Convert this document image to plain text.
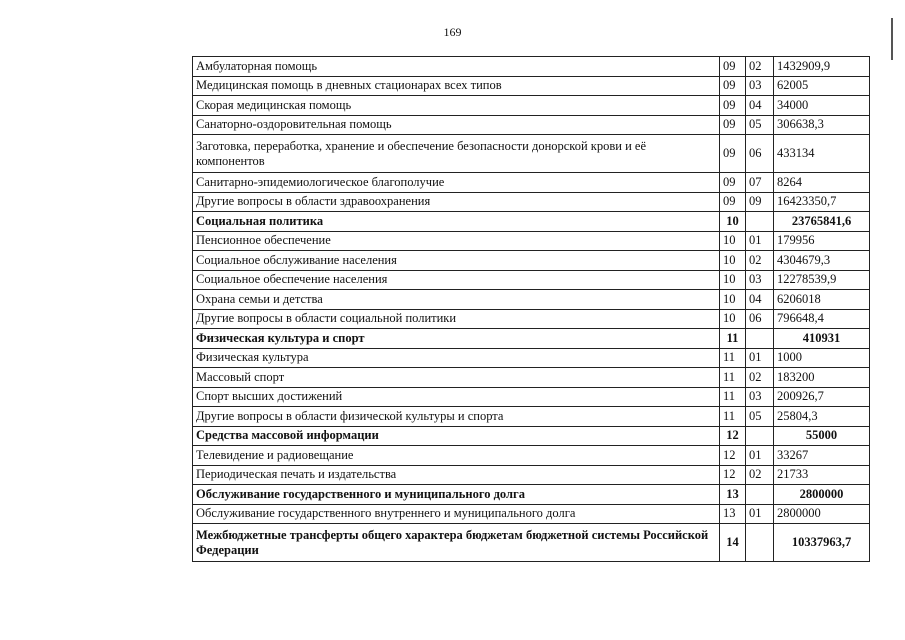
169
Амбулаторная помощь	09	02	1432909,9
Медицинская помощь в дневных стационарах всех типов	09	03	62005
Скорая медицинская помощь	09	04	34000
Санаторно-оздоровительная помощь	09	05	306638,3
Заготовка, переработка, хранение и обеспечение безопасности донорской крови и её компонентов	09	06	433134
Санитарно-эпидемиологическое благополучие	09	07	8264
Другие вопросы в области здравоохранения	09	09	16423350,7
Социальная политика	10		23765841,6
Пенсионное обеспечение	10	01	179956
Социальное обслуживание населения	10	02	4304679,3
Социальное обеспечение населения	10	03	12278539,9
Охрана семьи и детства	10	04	6206018
Другие вопросы в области социальной политики	10	06	796648,4
Физическая культура и спорт	11		410931
Физическая культура	11	01	1000
Массовый спорт	11	02	183200
Спорт высших достижений	11	03	200926,7
Другие вопросы в области физической культуры и спорта	11	05	25804,3
Средства массовой информации	12		55000
Телевидение и радиовещание	12	01	33267
Периодическая печать и издательства	12	02	21733
Обслуживание государственного и муниципального долга	13		2800000
Обслуживание государственного внутреннего и муниципального долга	13	01	2800000
Межбюджетные трансферты общего характера бюджетам бюджетной системы Российской Федерации	14		10337963,7
